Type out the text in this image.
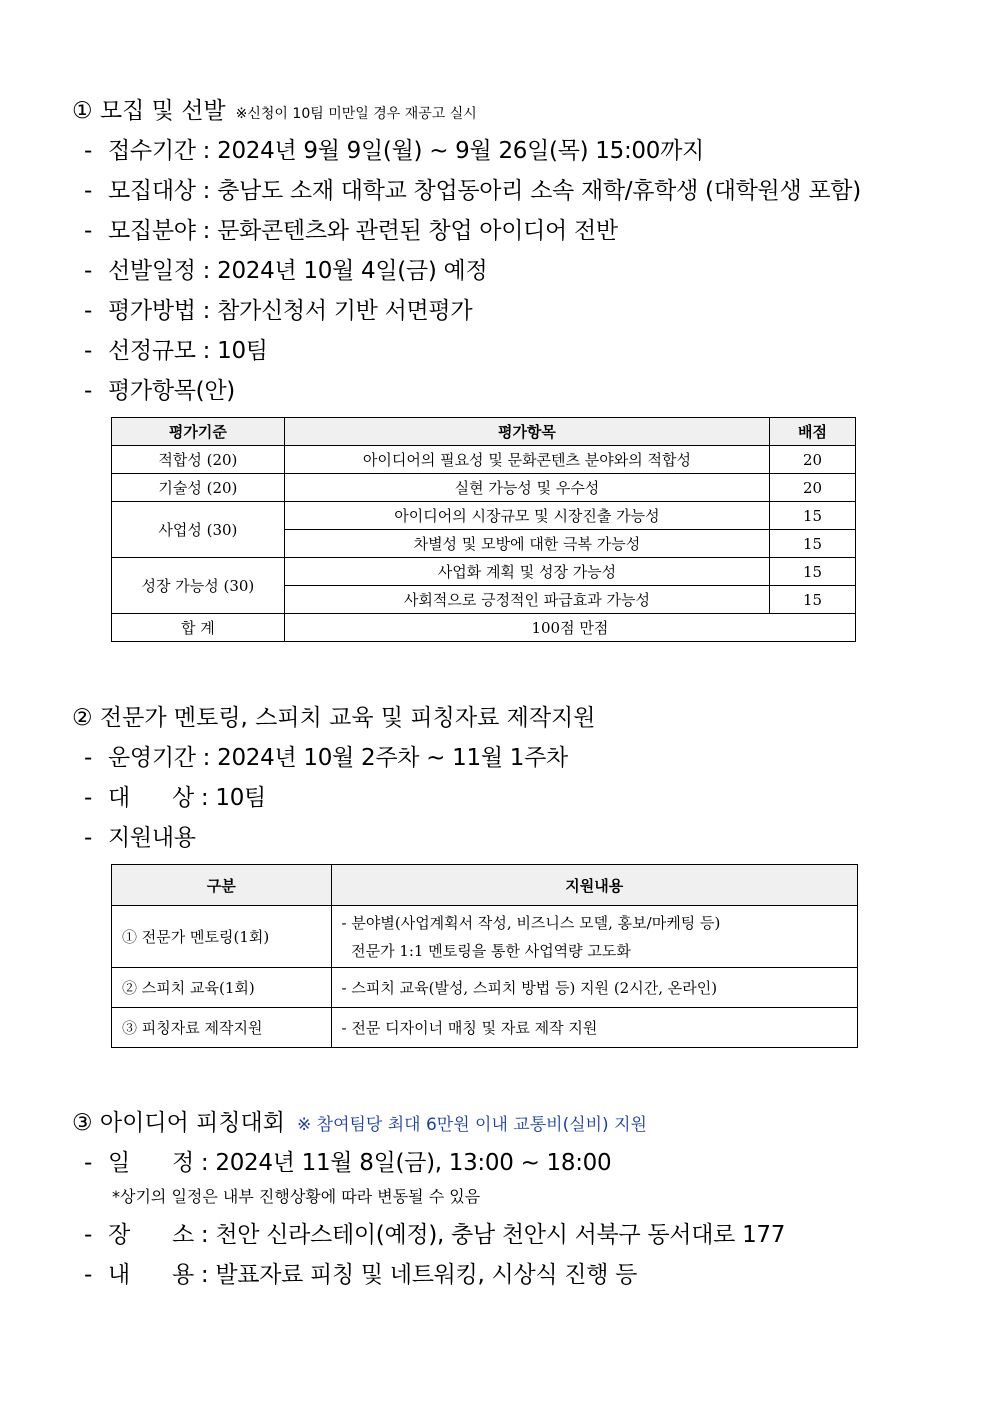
① 모집 및 선발 ※신청이 10팀 미만일 경우 재공고 실시
- 접수기간 : 2024년 9월 9일(월) ~ 9월 26일(목) 15:00까지
- 모집대상 : 충남도 소재 대학교 창업동아리 소속 재학/휴학생 (대학원생 포함)
- 모집분야 : 문화콘텐츠와 관련된 창업 아이디어 전반
- 선발일정 : 2024년 10월 4일(금) 예정
- 평가방법 : 참가신청서 기반 서면평가
- 선정규모 : 10팀
- 평가항목(안)
평가기준	평가항목	배점
적합성 (20)	아이디어의 필요성 및 문화콘텐츠 분야와의 적합성	20
기술성 (20)	실현 가능성 및 우수성	20
사업성 (30)	아이디어의 시장규모 및 시장진출 가능성	15
	차별성 및 모방에 대한 극복 가능성	15
성장 가능성 (30)	사업화 계획 및 성장 가능성	15
	사회적으로 긍정적인 파급효과 가능성	15
합 계	100점 만점	
② 전문가 멘토링, 스피치 교육 및 피칭자료 제작지원
- 운영기간 : 2024년 10월 2주차 ~ 11월 1주차
- 대      상 : 10팀
- 지원내용
구분	지원내용
① 전문가 멘토링(1회)	- 분야별(사업계획서 작성, 비즈니스 모델, 홍보/마케팅 등)
전문가 1:1 멘토링을 통한 사업역량 고도화

② 스피치 교육(1회)	- 스피치 교육(발성, 스피치 방법 등) 지원 (2시간, 온라인)

③ 피칭자료 제작지원	- 전문 디자이너 매칭 및 자료 제작 지원
③ 아이디어 피칭대회 ※ 참여팀당 최대 6만원 이내 교통비(실비) 지원
- 일      정 : 2024년 11월 8일(금), 13:00 ~ 18:00
*상기의 일정은 내부 진행상황에 따라 변동될 수 있음
- 장      소 : 천안 신라스테이(예정), 충남 천안시 서북구 동서대로 177
- 내      용 : 발표자료 피칭 및 네트워킹, 시상식 진행 등
